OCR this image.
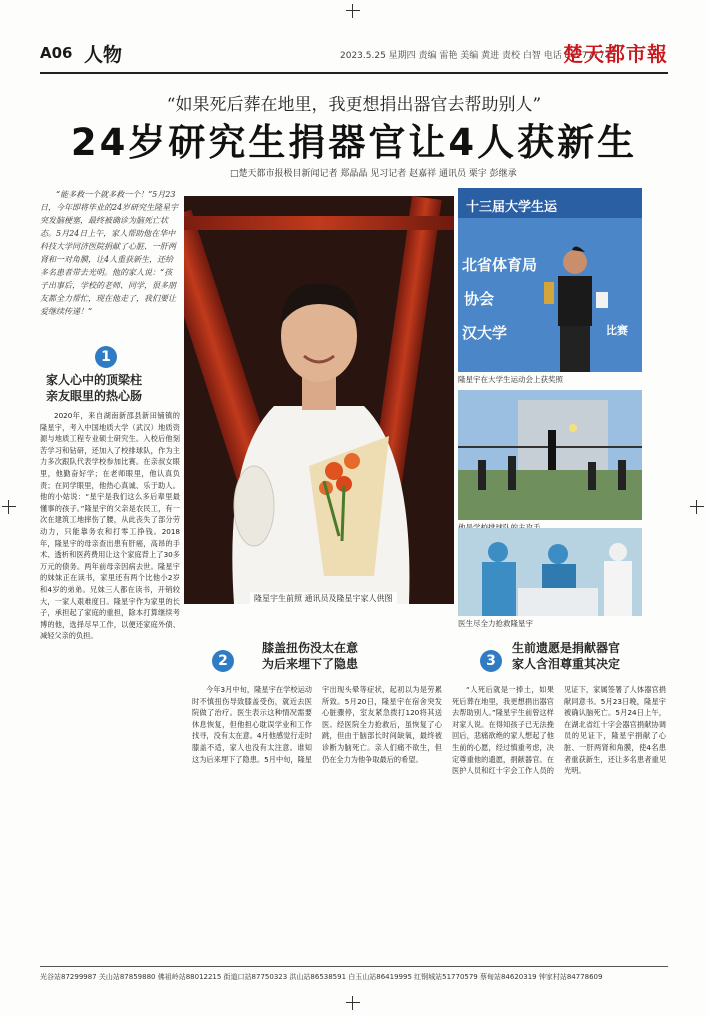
A06 人物	2023.5.25 星期四 责编 雷艳 美编 黄进 责校 白智 电话 86777777
楚天都市報
“如果死后葬在地里，我更想捐出器官去帮助别人”
24岁研究生捐器官让4人获新生
□楚天都市报极目新闻记者 郑晶晶 见习记者 赵嘉祥 通讯员 栗宇 彭继承
“能多救一个就多救一个！”5月23日，今年即将毕业的24岁研究生隆星宇突发脑梗塞，最终被确诊为脑死亡状态。5月24日上午，家人帮助他在华中科技大学同济医院捐献了心脏、一肝两肾和一对角膜，让4人重获新生，还给多名患者带去光明。他的家人说：“孩子出事后，学校的老师、同学，很多朋友都全力帮忙，现在他走了，我们要让爱继续传递！”
1
家人心中的顶梁柱
亲友眼里的热心肠
2020年，来自湖南新邵县新田铺镇的隆星宇，考入中国地质大学（武汉）地质资源与地质工程专业硕士研究生。入校后他刻苦学习和钻研，还加入了校排球队，作为主力多次跟队代表学校参加比赛。在亲叔女眼里，他勤奋好学；在老师眼里，他认真负责；在同学眼里，他热心真诚、乐于助人。他的小姑说：“星宇是我们这么多后辈里最懂事的孩子。”隆星宇的父亲是农民工，有一次在建筑工地摔伤了腰，从此丧失了部分劳动力，只能靠务农和打零工挣钱。2018年，隆星宇的母亲查出患有肝癌，高昂的手术、透析和医药费用让这个家庭背上了30多万元的债务。两年前母亲因病去世。隆星宇的妹妹正在读书，家里还有两个比他小2岁和4岁的弟弟。兄妹三人都在读书，开销较大，一家人艰难度日。隆星宇作为家里的长子，承担起了家庭的重担，除本打算继续考博的他，选择尽早工作，以便还家庭外债、减轻父亲的负担。
隆星宇生前照 通讯员及隆星宇家人供图
十三届大学生运
北省体育局
协会
汉大学	比赛
隆星宇在大学生运动会上获奖照
医生尽全力抢救隆星宇
2
膝盖扭伤没太在意
为后来埋下了隐患
今年3月中旬，隆星宇在学校运动时不慎扭伤导致膝盖受伤，就近去医院做了治疗。医生表示这种情况需要休息恢复，但他担心耽误学业和工作找寻，没有太在意。4月他感觉行走时膝盖不适，家人也没有太注意。谁知这为后来埋下了隐患。5月中旬，隆星宇出现头晕等症状，起初以为是劳累所致。5月20日，隆星宇在宿舍突发心脏骤停，室友紧急拨打120将其送医。经医院全力抢救后，虽恢复了心跳，但由于脑部长时间缺氧，最终被诊断为脑死亡。亲人们痛不欲生，但仍在全力为他争取最后的希望。
3
生前遗愿是捐献器官
家人含泪尊重其决定
“人死后就是一捧土，如果死后葬在地里，我更想捐出器官去帮助别人。”隆星宇生前曾这样对家人说。在得知孩子已无法挽回后，悲痛欲绝的家人想起了他生前的心愿，经过慎重考虑，决定尊重他的遗愿，捐献器官。在医护人员和红十字会工作人员的见证下，家属签署了人体器官捐献同意书。5月23日晚，隆星宇被确认脑死亡。5月24日上午，在湖北省红十字会器官捐献协调员的见证下，隆星宇捐献了心脏、一肝两肾和角膜，使4名患者重获新生，还让多名患者重见光明。
光谷站87299987 关山站87859880 佛祖岭站88012215 街道口站87750323 洪山站86538591 白玉山站86419995 红钢城站51770579 蔡甸站84620319 钟家村站84778609
